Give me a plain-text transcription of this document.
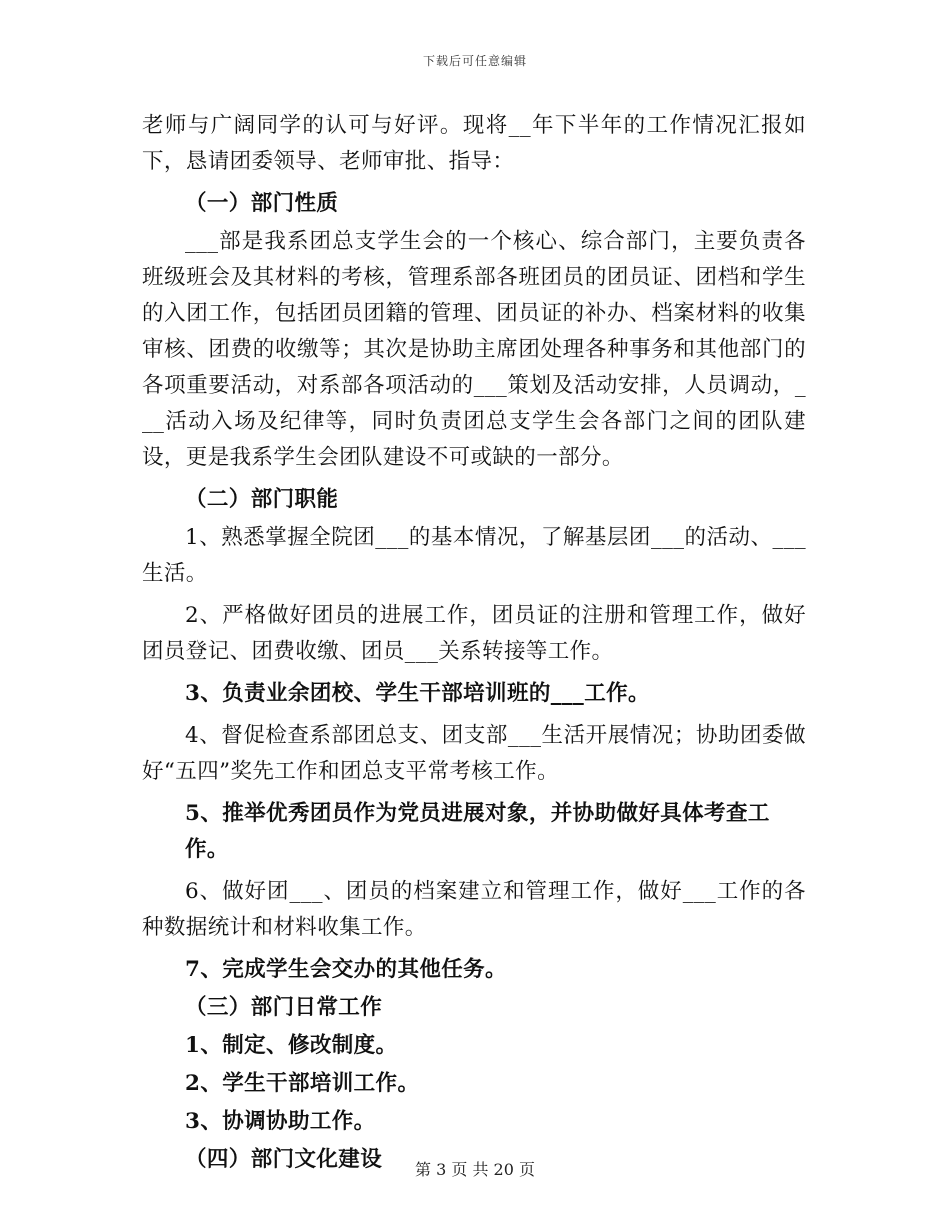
下载后可任意编辑

老师与广阔同学的认可与好评。现将__年下半年的工作情况汇报如下，恳请团委领导、老师审批、指导：

（一）部门性质

___部是我系团总支学生会的一个核心、综合部门，主要负责各班级班会及其材料的考核，管理系部各班团员的团员证、团档和学生的入团工作，包括团员团籍的管理、团员证的补办、档案材料的收集审核、团费的收缴等；其次是协助主席团处理各种事务和其他部门的各项重要活动，对系部各项活动的___策划及活动安排，人员调动，___活动入场及纪律等，同时负责团总支学生会各部门之间的团队建设，更是我系学生会团队建设不可或缺的一部分。

（二）部门职能

1、熟悉掌握全院团___的基本情况，了解基层团___的活动、___生活。

2、严格做好团员的进展工作，团员证的注册和管理工作，做好团员登记、团费收缴、团员___关系转接等工作。

3、负责业余团校、学生干部培训班的___工作。

4、督促检查系部团总支、团支部___生活开展情况；协助团委做好“五四”奖先工作和团总支平常考核工作。

5、推举优秀团员作为党员进展对象，并协助做好具体考查工作。

6、做好团___、团员的档案建立和管理工作，做好___工作的各种数据统计和材料收集工作。

7、完成学生会交办的其他任务。

（三）部门日常工作

1、制定、修改制度。

2、学生干部培训工作。

3、协调协助工作。

（四）部门文化建设	第 3 页 共 20 页
